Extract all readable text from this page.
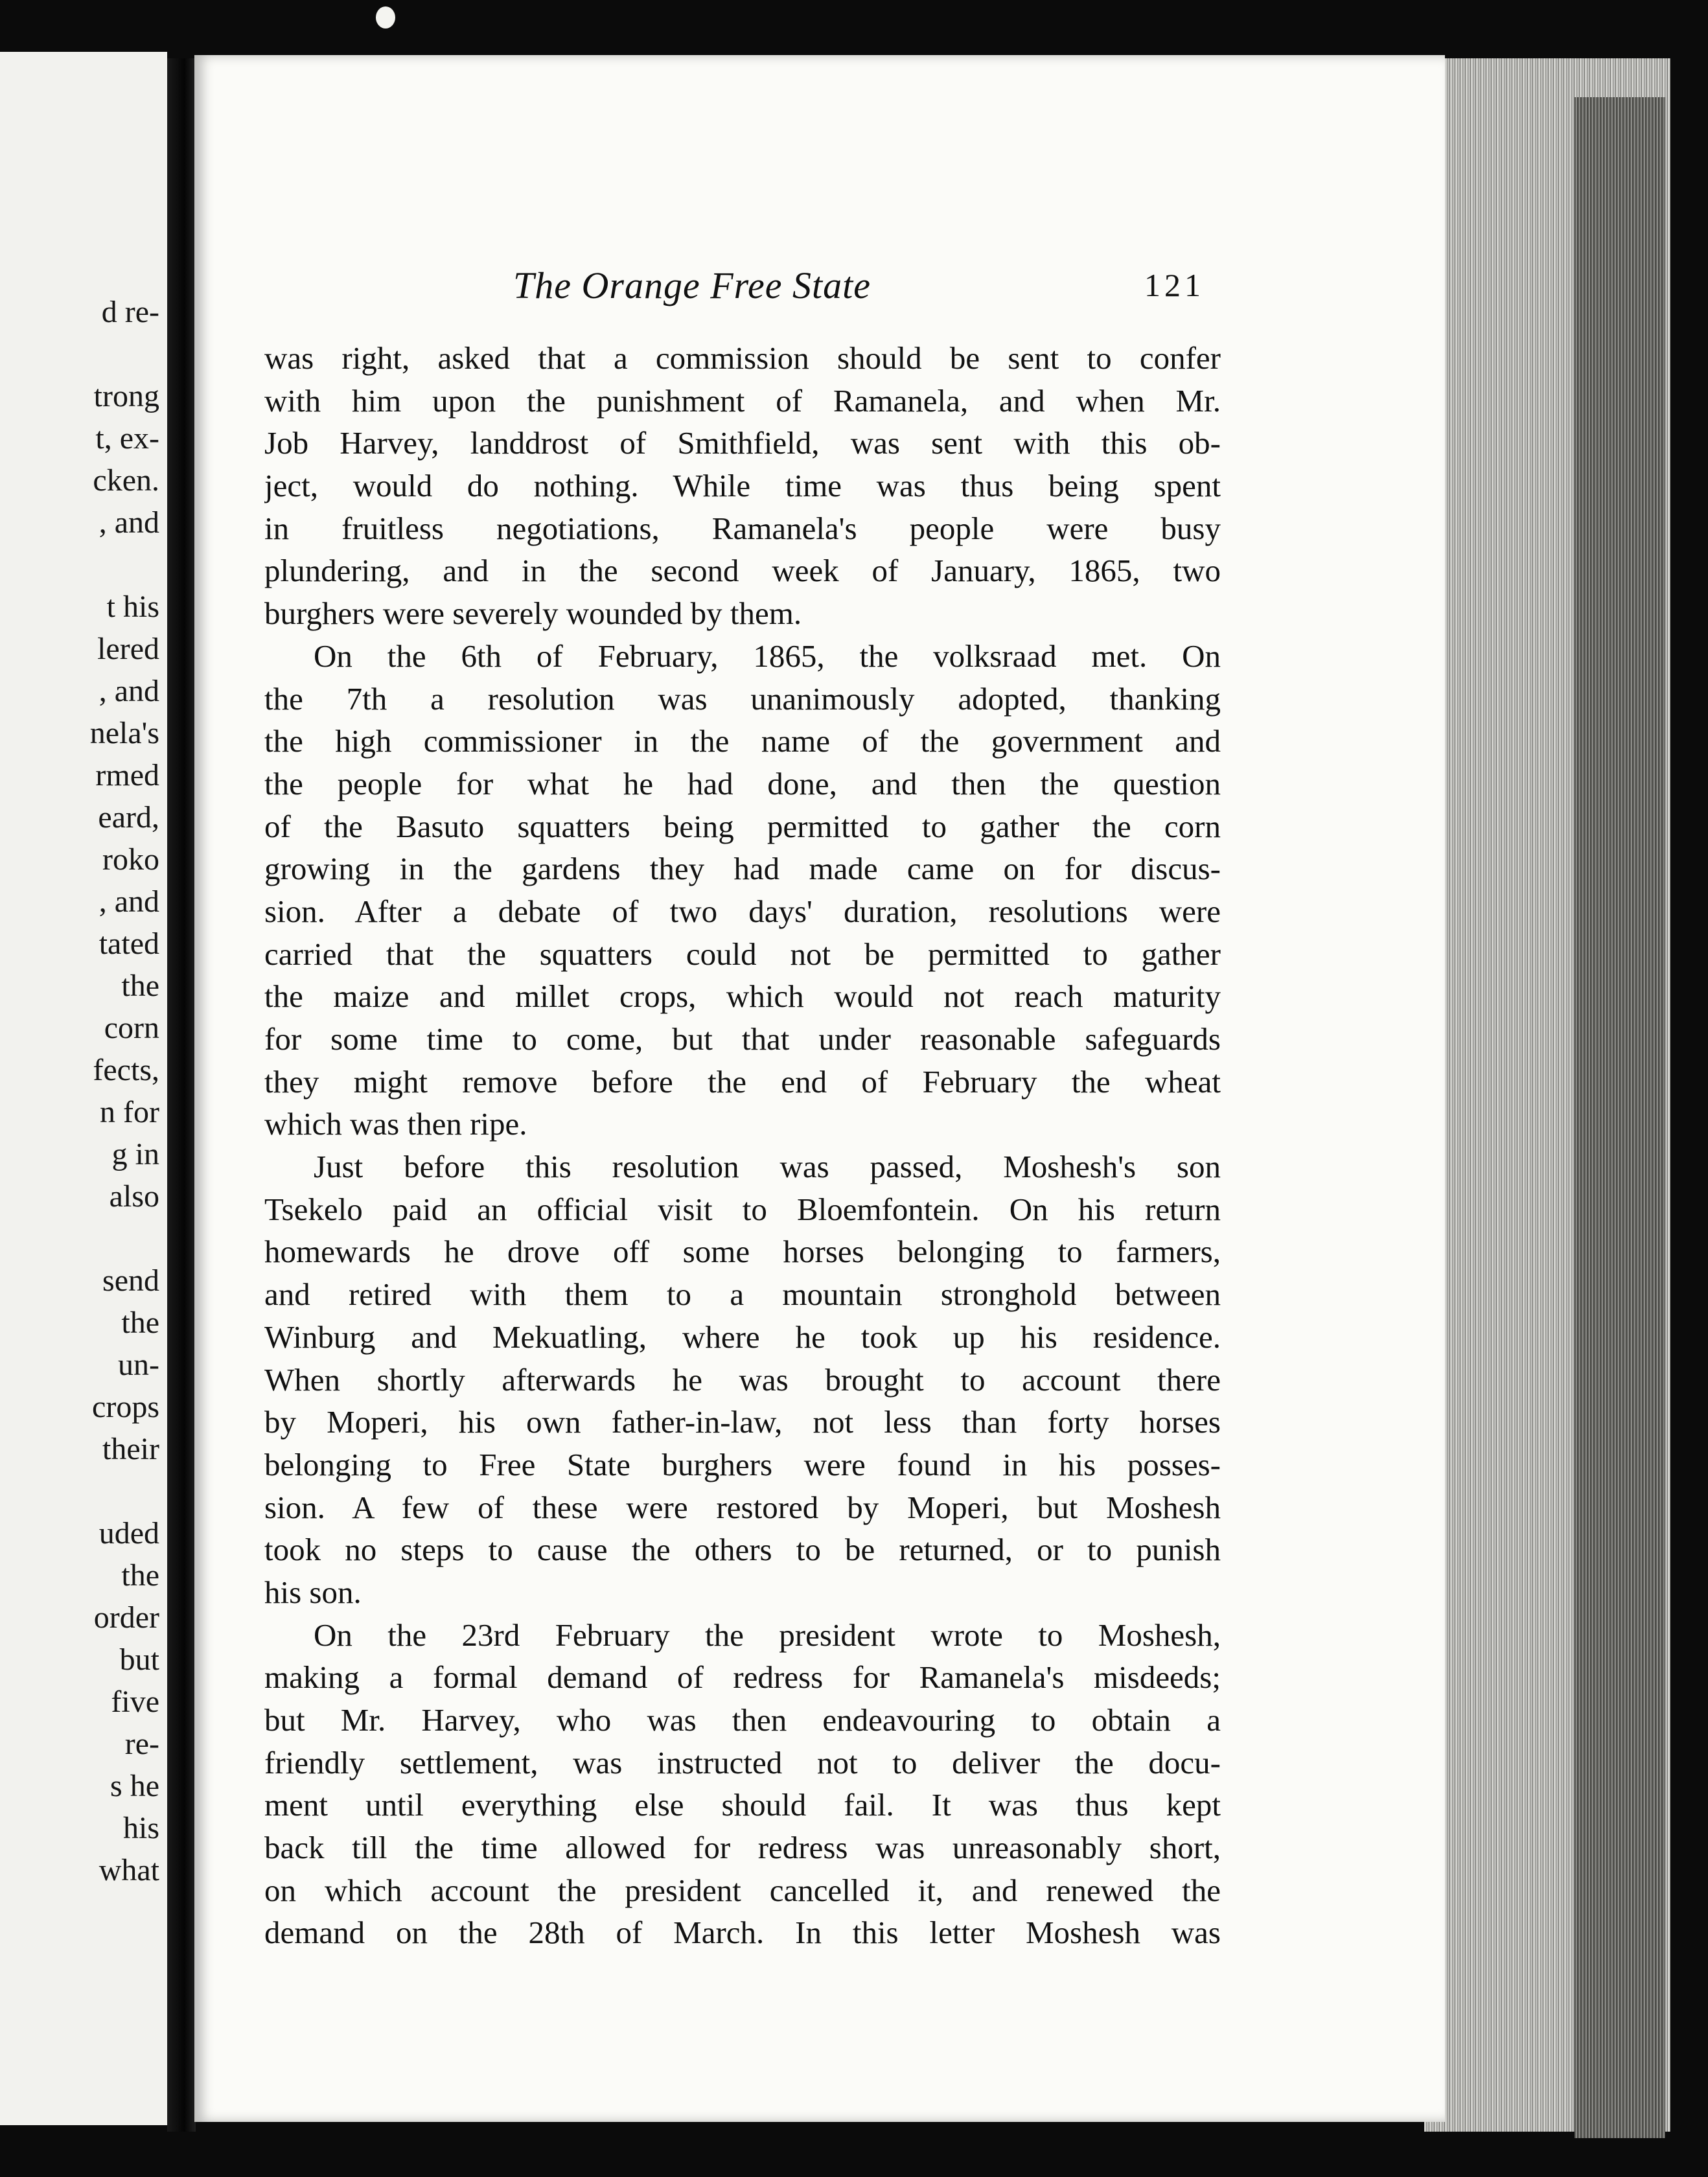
d re-
trong
t, ex-
cken.
, and
t his
lered
, and
nela's
rmed
eard,
roko
, and
tated
the
corn
fects,
n for
g in
also
send
the
un-
crops
their
uded
the
order
but
five
re-
s he
his
what
The Orange Free State	121
was right, asked that a commission should be sent to confer
with him upon the punishment of Ramanela, and when Mr.
Job Harvey, landdrost of Smithfield, was sent with this ob-
ject, would do nothing. While time was thus being spent
in fruitless negotiations, Ramanela's people were busy
plundering, and in the second week of January, 1865, two
burghers were severely wounded by them.
On the 6th of February, 1865, the volksraad met. On
the 7th a resolution was unanimously adopted, thanking
the high commissioner in the name of the government and
the people for what he had done, and then the question
of the Basuto squatters being permitted to gather the corn
growing in the gardens they had made came on for discus-
sion. After a debate of two days' duration, resolutions were
carried that the squatters could not be permitted to gather
the maize and millet crops, which would not reach maturity
for some time to come, but that under reasonable safeguards
they might remove before the end of February the wheat
which was then ripe.
Just before this resolution was passed, Moshesh's son
Tsekelo paid an official visit to Bloemfontein. On his return
homewards he drove off some horses belonging to farmers,
and retired with them to a mountain stronghold between
Winburg and Mekuatling, where he took up his residence.
When shortly afterwards he was brought to account there
by Moperi, his own father-in-law, not less than forty horses
belonging to Free State burghers were found in his posses-
sion. A few of these were restored by Moperi, but Moshesh
took no steps to cause the others to be returned, or to punish
his son.
On the 23rd February the president wrote to Moshesh,
making a formal demand of redress for Ramanela's misdeeds;
but Mr. Harvey, who was then endeavouring to obtain a
friendly settlement, was instructed not to deliver the docu-
ment until everything else should fail. It was thus kept
back till the time allowed for redress was unreasonably short,
on which account the president cancelled it, and renewed the
demand on the 28th of March. In this letter Moshesh was
